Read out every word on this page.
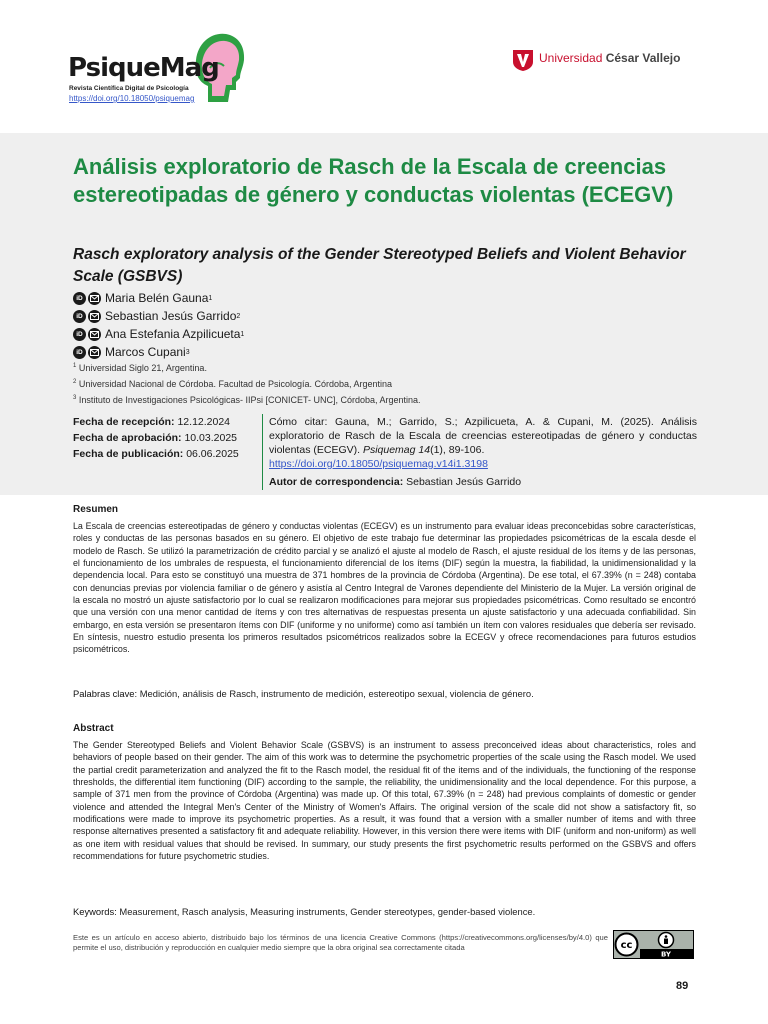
PsiqueMag
Revista Científica Digital de Psicología
https://doi.org/10.18050/psiquemag
Universidad César Vallejo
Análisis exploratorio de Rasch de la Escala de creencias estereotipadas de género y conductas violentas (ECEGV)
Rasch exploratory analysis of the Gender Stereotyped Beliefs and Violent Behavior Scale (GSBVS)
iD Maria Belén Gauna 1
iD Sebastian Jesús Garrido 2
iD Ana Estefania Azpilicueta 1
iD Marcos Cupani 3
$^1$ Universidad Siglo 21, Argentina.
$^2$ Universidad Nacional de Córdoba. Facultad de Psicología. Córdoba, Argentina
$^3$ Instituto de Investigaciones Psicológicas- IIPsi [CONICET- UNC], Córdoba, Argentina.
Fecha de recepción: 12.12.2024
Fecha de aprobación: 10.03.2025
Fecha de publicación: 06.06.2025
Cómo citar: Gauna, M.; Garrido, S.; Azpilicueta, A. & Cupani, M. (2025). Análisis exploratorio de Rasch de la Escala de creencias estereotipadas de género y conductas violentas (ECEGV). Psiquemag 14(1), 89-106.
https://doi.org/10.18050/psiquemag.v14i1.3198
Autor de correspondencia: Sebastian Jesús Garrido
Resumen
La Escala de creencias estereotipadas de género y conductas violentas (ECEGV) es un instrumento para evaluar ideas preconcebidas sobre características, roles y conductas de las personas basados en su género. El objetivo de este trabajo fue determinar las propiedades psicométricas de la escala desde el modelo de Rasch. Se utilizó la parametrización de crédito parcial y se analizó el ajuste al modelo de Rasch, el ajuste residual de los ítems y de las personas, el funcionamiento de los umbrales de respuesta, el funcionamiento diferencial de los ítems (DIF) según la muestra, la fiabilidad, la unidimensionalidad y la dependencia local. Para esto se constituyó una muestra de 371 hombres de la provincia de Córdoba (Argentina). De ese total, el 67.39% (n = 248) contaba con denuncias previas por violencia familiar o de género y asistía al Centro Integral de Varones dependiente del Ministerio de la Mujer. La versión original de la escala no mostró un ajuste satisfactorio por lo cual se realizaron modificaciones para mejorar sus propiedades psicométricas. Como resultado se encontró que una versión con una menor cantidad de ítems y con tres alternativas de respuestas presenta un ajuste satisfactorio y una adecuada confiabilidad. Sin embargo, en esta versión se presentaron ítems con DIF (uniforme y no uniforme) como así también un ítem con valores residuales que debería ser revisado. En síntesis, nuestro estudio presenta los primeros resultados psicométricos realizados sobre la ECEGV y ofrece recomendaciones para futuros estudios psicométricos.
Palabras clave: Medición, análisis de Rasch, instrumento de medición, estereotipo sexual, violencia de género.
Abstract
The Gender Stereotyped Beliefs and Violent Behavior Scale (GSBVS) is an instrument to assess preconceived ideas about characteristics, roles and behaviors of people based on their gender. The aim of this work was to determine the psychometric properties of the scale using the Rasch model. We used the partial credit parameterization and analyzed the fit to the Rasch model, the residual fit of the items and of the individuals, the functioning of the response thresholds, the differential item functioning (DIF) according to the sample, the reliability, the unidimensionality and the local dependence. For this purpose, a sample of 371 men from the province of Córdoba (Argentina) was made up. Of this total, 67.39% (n = 248) had previous complaints of domestic or gender violence and attended the Integral Men's Center of the Ministry of Women's Affairs. The original version of the scale did not show a satisfactory fit, so modifications were made to improve its psychometric properties. As a result, it was found that a version with a smaller number of items and with three response alternatives presented a satisfactory fit and adequate reliability. However, in this version there were items with DIF (uniform and non-uniform) as well as one item with residual values that should be revised. In summary, our study presents the first psychometric results performed on the GSBVS and offers recommendations for future psychometric studies.
Keywords: Measurement, Rasch analysis, Measuring instruments, Gender stereotypes, gender-based violence.
Este es un artículo en acceso abierto, distribuido bajo los términos de una licencia Creative Commons (https://creativecommons.org/licenses/by/4.0) que permite el uso, distribución y reproducción en cualquier medio siempre que la obra original sea correctamente citada	cc
BY
89
